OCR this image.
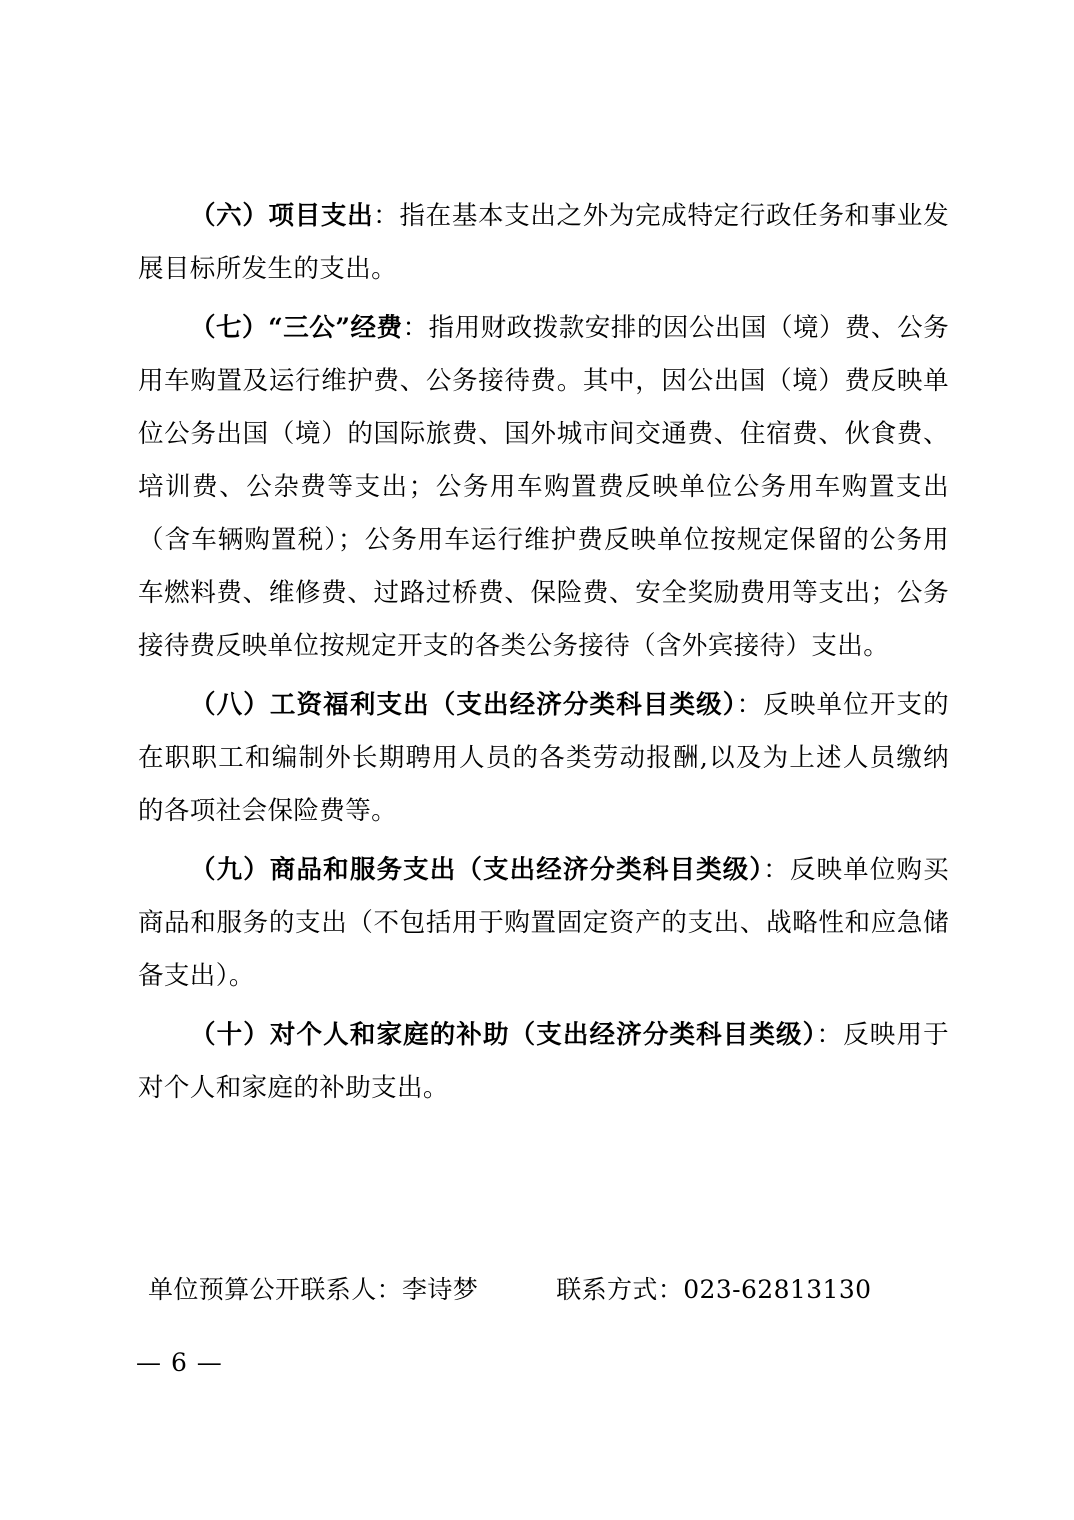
（六）项目支出：指在基本支出之外为完成特定行政任务和事业发展目标所发生的支出。

（七）“三公”经费：指用财政拨款安排的因公出国（境）费、公务用车购置及运行维护费、公务接待费。其中，因公出国（境）费反映单位公务出国（境）的国际旅费、国外城市间交通费、住宿费、伙食费、培训费、公杂费等支出；公务用车购置费反映单位公务用车购置支出（含车辆购置税）；公务用车运行维护费反映单位按规定保留的公务用车燃料费、维修费、过路过桥费、保险费、安全奖励费用等支出；公务接待费反映单位按规定开支的各类公务接待（含外宾接待）支出。

（八）工资福利支出（支出经济分类科目类级）：反映单位开支的在职职工和编制外长期聘用人员的各类劳动报酬,以及为上述人员缴纳的各项社会保险费等。

（九）商品和服务支出（支出经济分类科目类级）：反映单位购买商品和服务的支出（不包括用于购置固定资产的支出、战略性和应急储备支出）。

（十）对个人和家庭的补助（支出经济分类科目类级）：反映用于对个人和家庭的补助支出。

单位预算公开联系人：李诗梦	联系方式：023-62813130
— 6 —
